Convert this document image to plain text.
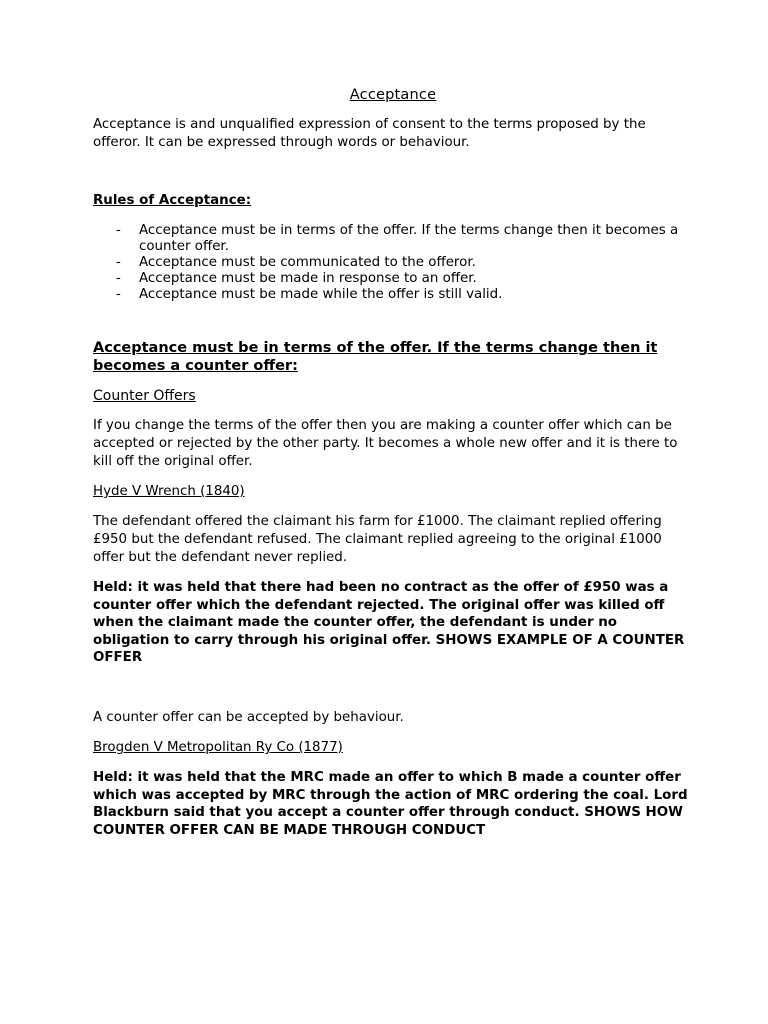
Acceptance

Acceptance is and unqualified expression of consent to the terms proposed by the offeror. It can be expressed through words or behaviour.

Rules of Acceptance:

- Acceptance must be in terms of the offer. If the terms change then it becomes a counter offer.
- Acceptance must be communicated to the offeror.
- Acceptance must be made in response to an offer.
- Acceptance must be made while the offer is still valid.

Acceptance must be in terms of the offer. If the terms change then it becomes a counter offer:

Counter Offers

If you change the terms of the offer then you are making a counter offer which can be accepted or rejected by the other party. It becomes a whole new offer and it is there to kill off the original offer.

Hyde V Wrench (1840)

The defendant offered the claimant his farm for £1000. The claimant replied offering £950 but the defendant refused. The claimant replied agreeing to the original £1000 offer but the defendant never replied.

Held: it was held that there had been no contract as the offer of £950 was a counter offer which the defendant rejected. The original offer was killed off when the claimant made the counter offer, the defendant is under no obligation to carry through his original offer. SHOWS EXAMPLE OF A COUNTER OFFER

A counter offer can be accepted by behaviour.

Brogden V Metropolitan Ry Co (1877)

Held: it was held that the MRC made an offer to which B made a counter offer which was accepted by MRC through the action of MRC ordering the coal. Lord Blackburn said that you accept a counter offer through conduct. SHOWS HOW COUNTER OFFER CAN BE MADE THROUGH CONDUCT
